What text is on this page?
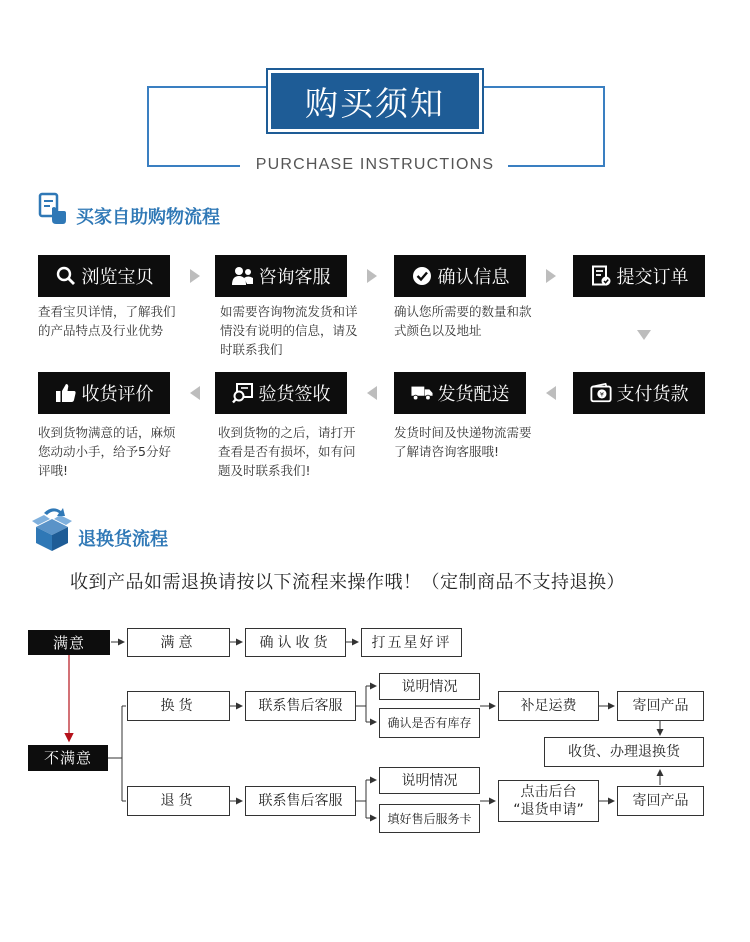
购买须知
PURCHASE INSTRUCTIONS
买家自助购物流程
浏览宝贝
查看宝贝详情，了解我们的产品特点及行业优势
咨询客服
如需要咨询物流发货和详情没有说明的信息，请及时联系我们
确认信息
确认您所需要的数量和款式颜色以及地址
提交订单
收货评价
收到货物满意的话，麻烦您动动小手，给予5分好评哦!
验货签收
收到货物的之后，请打开查看是否有损坏，如有问题及时联系我们!
发货配送
发货时间及快递物流需要了解请咨询客服哦!
¥ 支付货款
退换货流程
收到产品如需退换请按以下流程来操作哦！（定制商品不支持退换）
满意	满意	确认收货	打五星好评
不满意
换货	联系售后客服
说明情况
确认是否有库存
补足运费	寄回产品
收货、办理退换货
退货	联系售后客服
说明情况
填好售后服务卡
点击后台
“退货申请”
寄回产品
